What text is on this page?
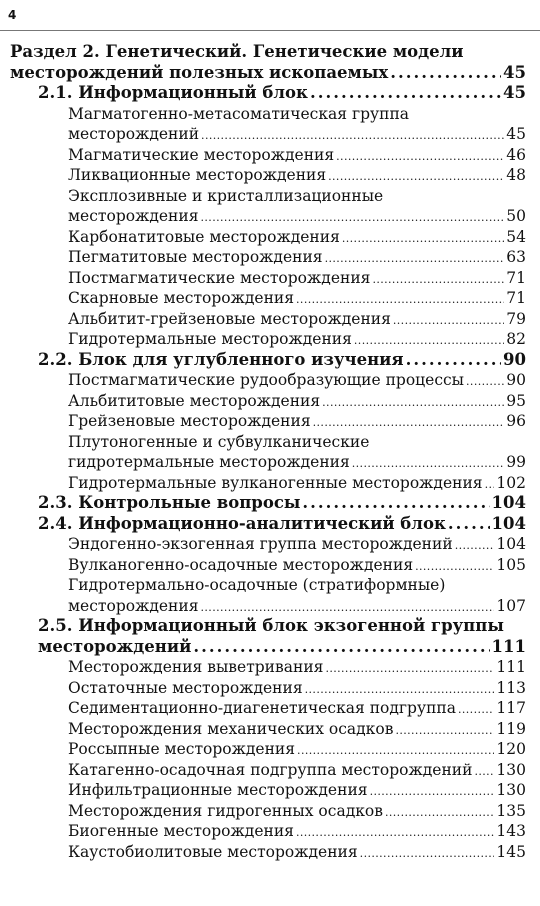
4
Раздел 2. Генетический. Генетические модели
месторождений полезных ископаемых .....	45
2.1. Информационный блок .....	45
Магматогенно-метасоматическая группа
месторождений .....	45
Магматические месторождения .....	46
Ликвационные месторождения .....	48
Эксплозивные и кристаллизационные
месторождения .....	50
Карбонатитовые месторождения .....	54
Пегматитовые месторождения .....	63
Постмагматические месторождения .....	71
Скарновые месторождения .....	71
Альбитит-грейзеновые месторождения .....	79
Гидротермальные месторождения .....	82
2.2. Блок для углубленного изучения .....	90
Постмагматические рудообразующие процессы .....	90
Альбититовые месторождения .....	95
Грейзеновые месторождения .....	96
Плутоногенные и субвулканические
гидротермальные месторождения .....	99
Гидротермальные вулканогенные месторождения ..... 102
2.3. Контрольные вопросы .....	104
2.4. Информационно-аналитический блок .....	104
Эндогенно-экзогенная группа месторождений .....	104
Вулканогенно-осадочные месторождения .....	105
Гидротермально-осадочные (стратиформные)
месторождения .....	107
2.5. Информационный блок экзогенной группы
месторождений .....	111
Месторождения выветривания .....	111
Остаточные месторождения .....	113
Седиментационно-диагенетическая подгруппа .....	117
Месторождения механических осадков .....	119
Россыпные месторождения .....	120
Катагенно-осадочная подгруппа месторождений ..... 130
Инфильтрационные месторождения .....	130
Месторождения гидрогенных осадков .....	135
Биогенные месторождения .....	143
Каустобиолитовые месторождения .....	145
